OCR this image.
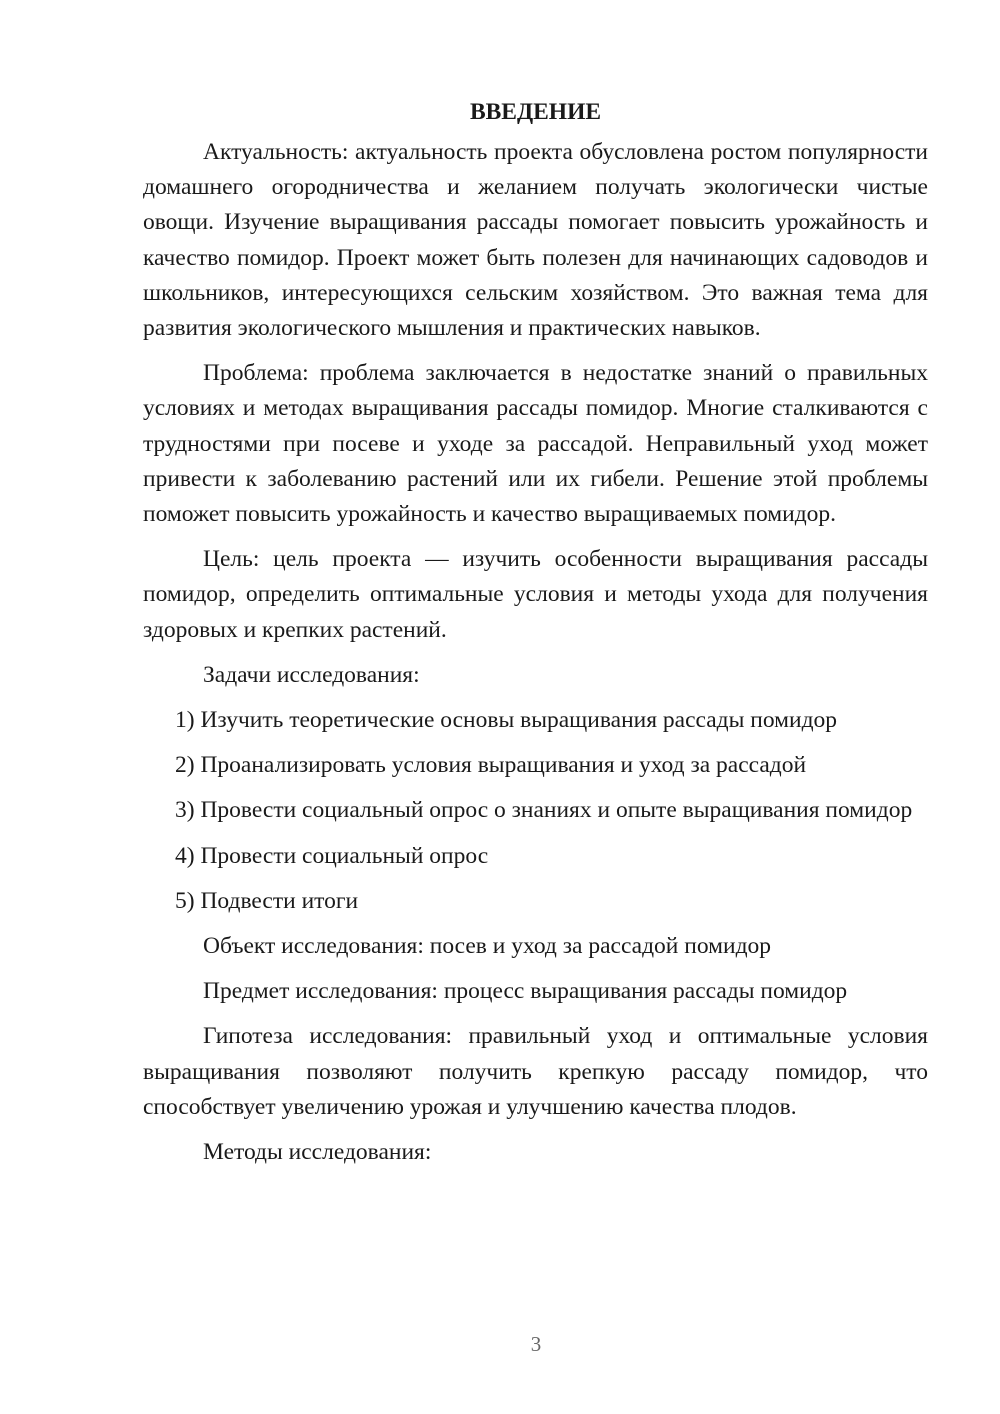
ВВЕДЕНИЕ

Актуальность: актуальность проекта обусловлена ростом популярности домашнего огородничества и желанием получать экологически чистые овощи. Изучение выращивания рассады помогает повысить урожайность и качество помидор. Проект может быть полезен для начинающих садоводов и школьников, интересующихся сельским хозяйством. Это важная тема для развития экологического мышления и практических навыков.

Проблема: проблема заключается в недостатке знаний о правильных условиях и методах выращивания рассады помидор. Многие сталкиваются с трудностями при посеве и уходе за рассадой. Неправильный уход может привести к заболеванию растений или их гибели. Решение этой проблемы поможет повысить урожайность и качество выращиваемых помидор.

Цель: цель проекта — изучить особенности выращивания рассады помидор, определить оптимальные условия и методы ухода для получения здоровых и крепких растений.

Задачи исследования:

1) Изучить теоретические основы выращивания рассады помидор

2) Проанализировать условия выращивания и уход за рассадой

3) Провести социальный опрос о знаниях и опыте выращивания помидор

4) Провести социальный опрос

5) Подвести итоги

Объект исследования: посев и уход за рассадой помидор

Предмет исследования: процесс выращивания рассады помидор

Гипотеза исследования: правильный уход и оптимальные условия выращивания позволяют получить крепкую рассаду помидор, что способствует увеличению урожая и улучшению качества плодов.

Методы исследования:

3
